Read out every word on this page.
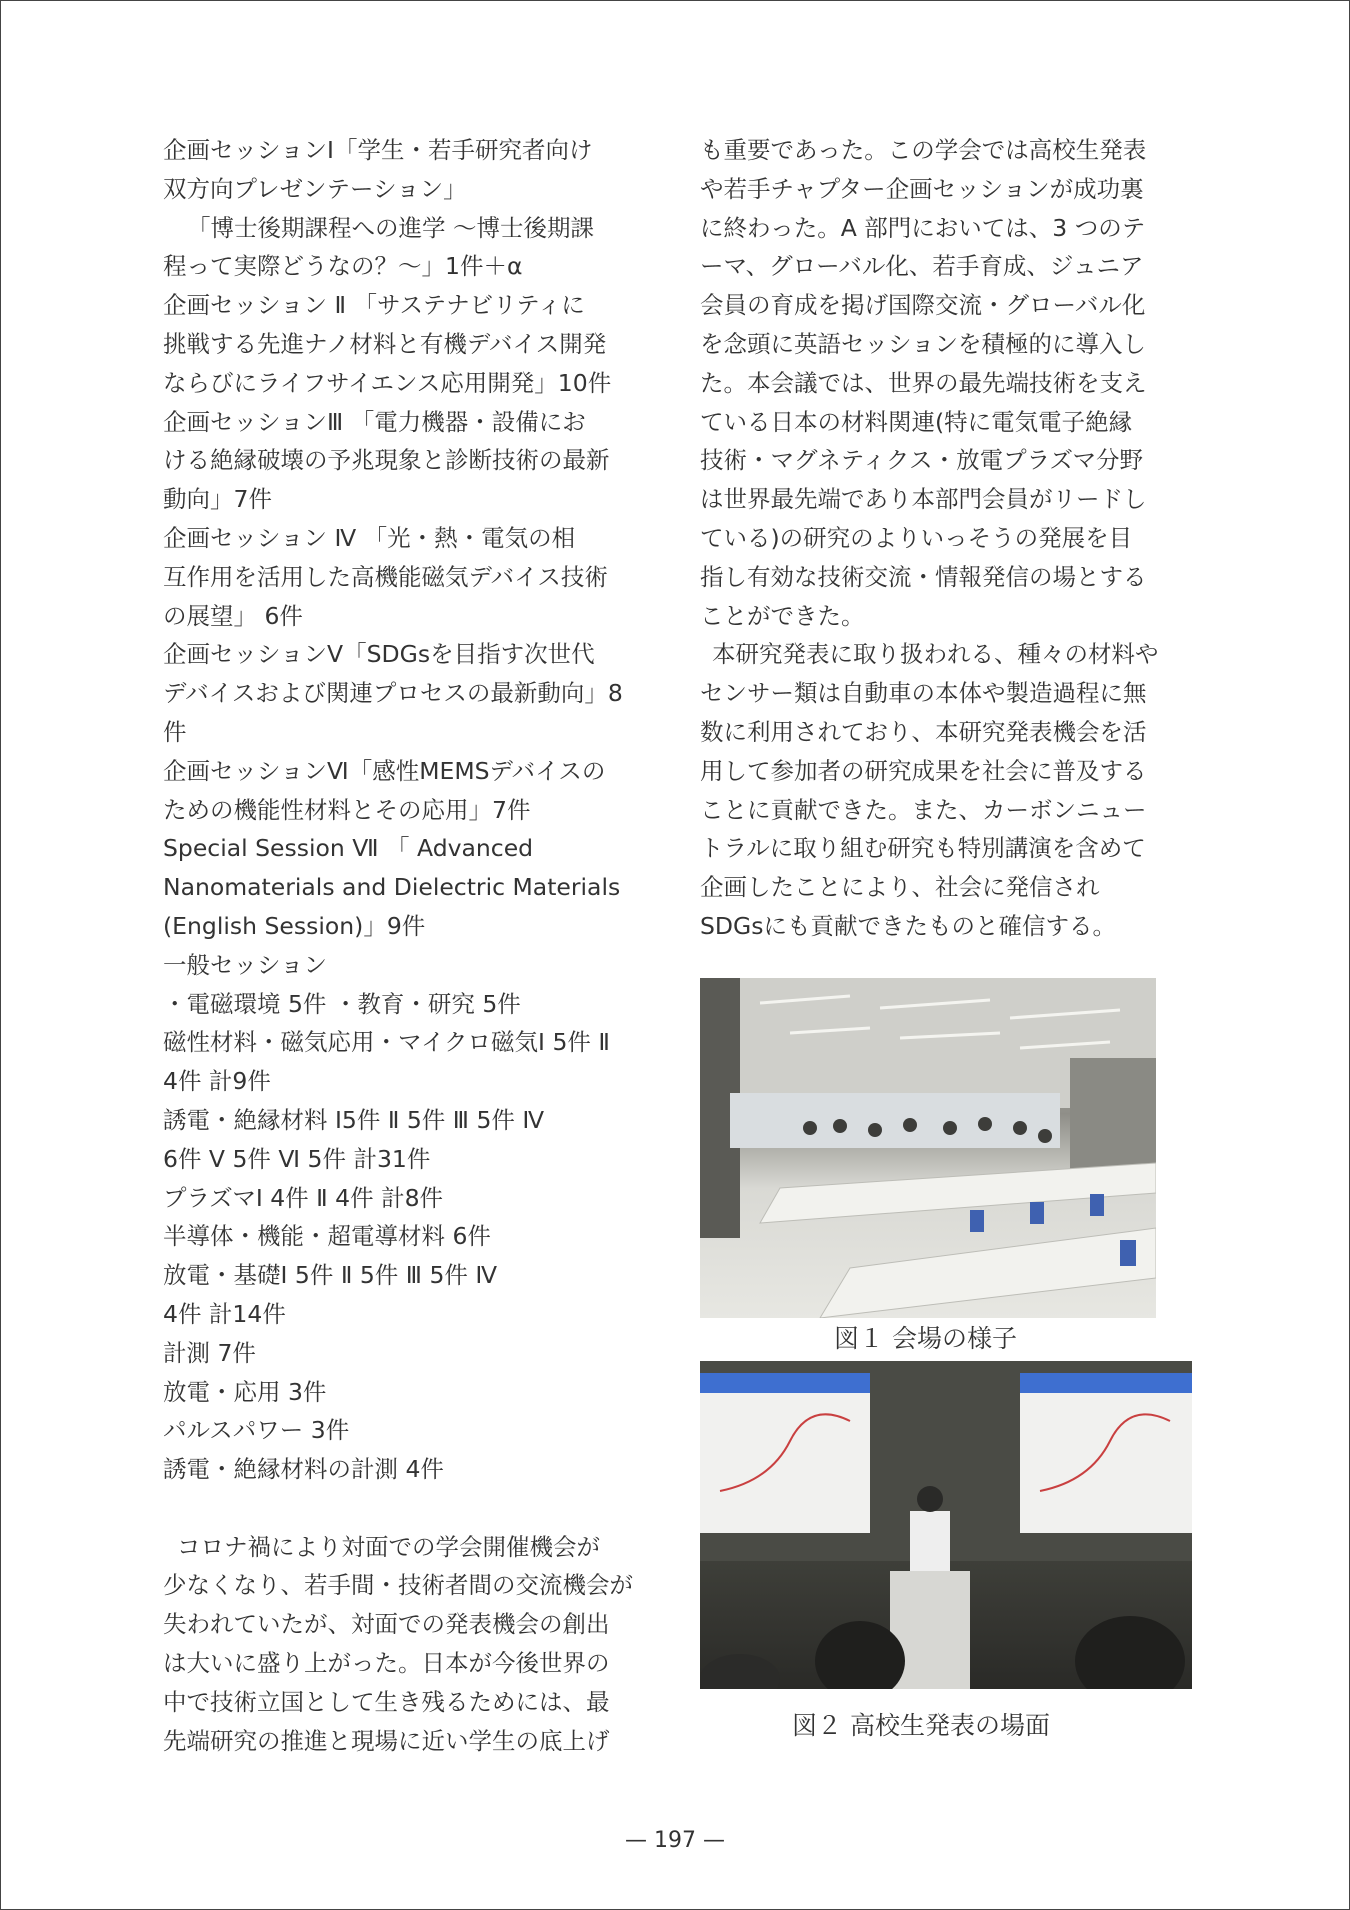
企画セッションⅠ「学生・若手研究者向け
双方向プレゼンテーション」
「博士後期課程への進学 ～博士後期課
程って実際どうなの？～」1件＋α
企画セッション Ⅱ 「サステナビリティに
挑戦する先進ナノ材料と有機デバイス開発
ならびにライフサイエンス応用開発」10件
企画セッションⅢ 「電力機器・設備にお
ける絶縁破壊の予兆現象と診断技術の最新
動向」7件
企画セッション Ⅳ 「光・熱・電気の相
互作用を活用した高機能磁気デバイス技術
の展望」 6件
企画セッションⅤ「SDGsを目指す次世代
デバイスおよび関連プロセスの最新動向」8
件
企画セッションⅥ「感性MEMSデバイスの
ための機能性材料とその応用」7件
Special Session Ⅶ 「 Advanced
Nanomaterials and Dielectric Materials
(English Session)」9件
一般セッション
・電磁環境 5件 ・教育・研究 5件
磁性材料・磁気応用・マイクロ磁気Ⅰ 5件 Ⅱ
4件 計9件
誘電・絶縁材料 Ⅰ5件 Ⅱ 5件 Ⅲ 5件 Ⅳ
6件 Ⅴ 5件 Ⅵ 5件 計31件
プラズマⅠ 4件 Ⅱ 4件 計8件
半導体・機能・超電導材料 6件
放電・基礎Ⅰ 5件 Ⅱ 5件 Ⅲ 5件 Ⅳ
4件 計14件
計測 7件
放電・応用 3件
パルスパワー 3件
誘電・絶縁材料の計測 4件
コロナ禍により対面での学会開催機会が
少なくなり、若手間・技術者間の交流機会が
失われていたが、対面での発表機会の創出
は大いに盛り上がった。日本が今後世界の
中で技術立国として生き残るためには、最
先端研究の推進と現場に近い学生の底上げ
も重要であった。この学会では高校生発表
や若手チャプター企画セッションが成功裏
に終わった。A 部門においては、3 つのテ
ーマ、グローバル化、若手育成、ジュニア
会員の育成を掲げ国際交流・グローバル化
を念頭に英語セッションを積極的に導入し
た。本会議では、世界の最先端技術を支え
ている日本の材料関連(特に電気電子絶縁
技術・マグネティクス・放電プラズマ分野
は世界最先端であり本部門会員がリードし
ている)の研究のよりいっそうの発展を目
指し有効な技術交流・情報発信の場とする
ことができた。
本研究発表に取り扱われる、種々の材料や
センサー類は自動車の本体や製造過程に無
数に利用されており、本研究発表機会を活
用して参加者の研究成果を社会に普及する
ことに貢献できた。また、カーボンニュー
トラルに取り組む研究も特別講演を含めて
企画したことにより、社会に発信され
SDGsにも貢献できたものと確信する。
図１ 会場の様子
図２ 高校生発表の場面
— 197 —
